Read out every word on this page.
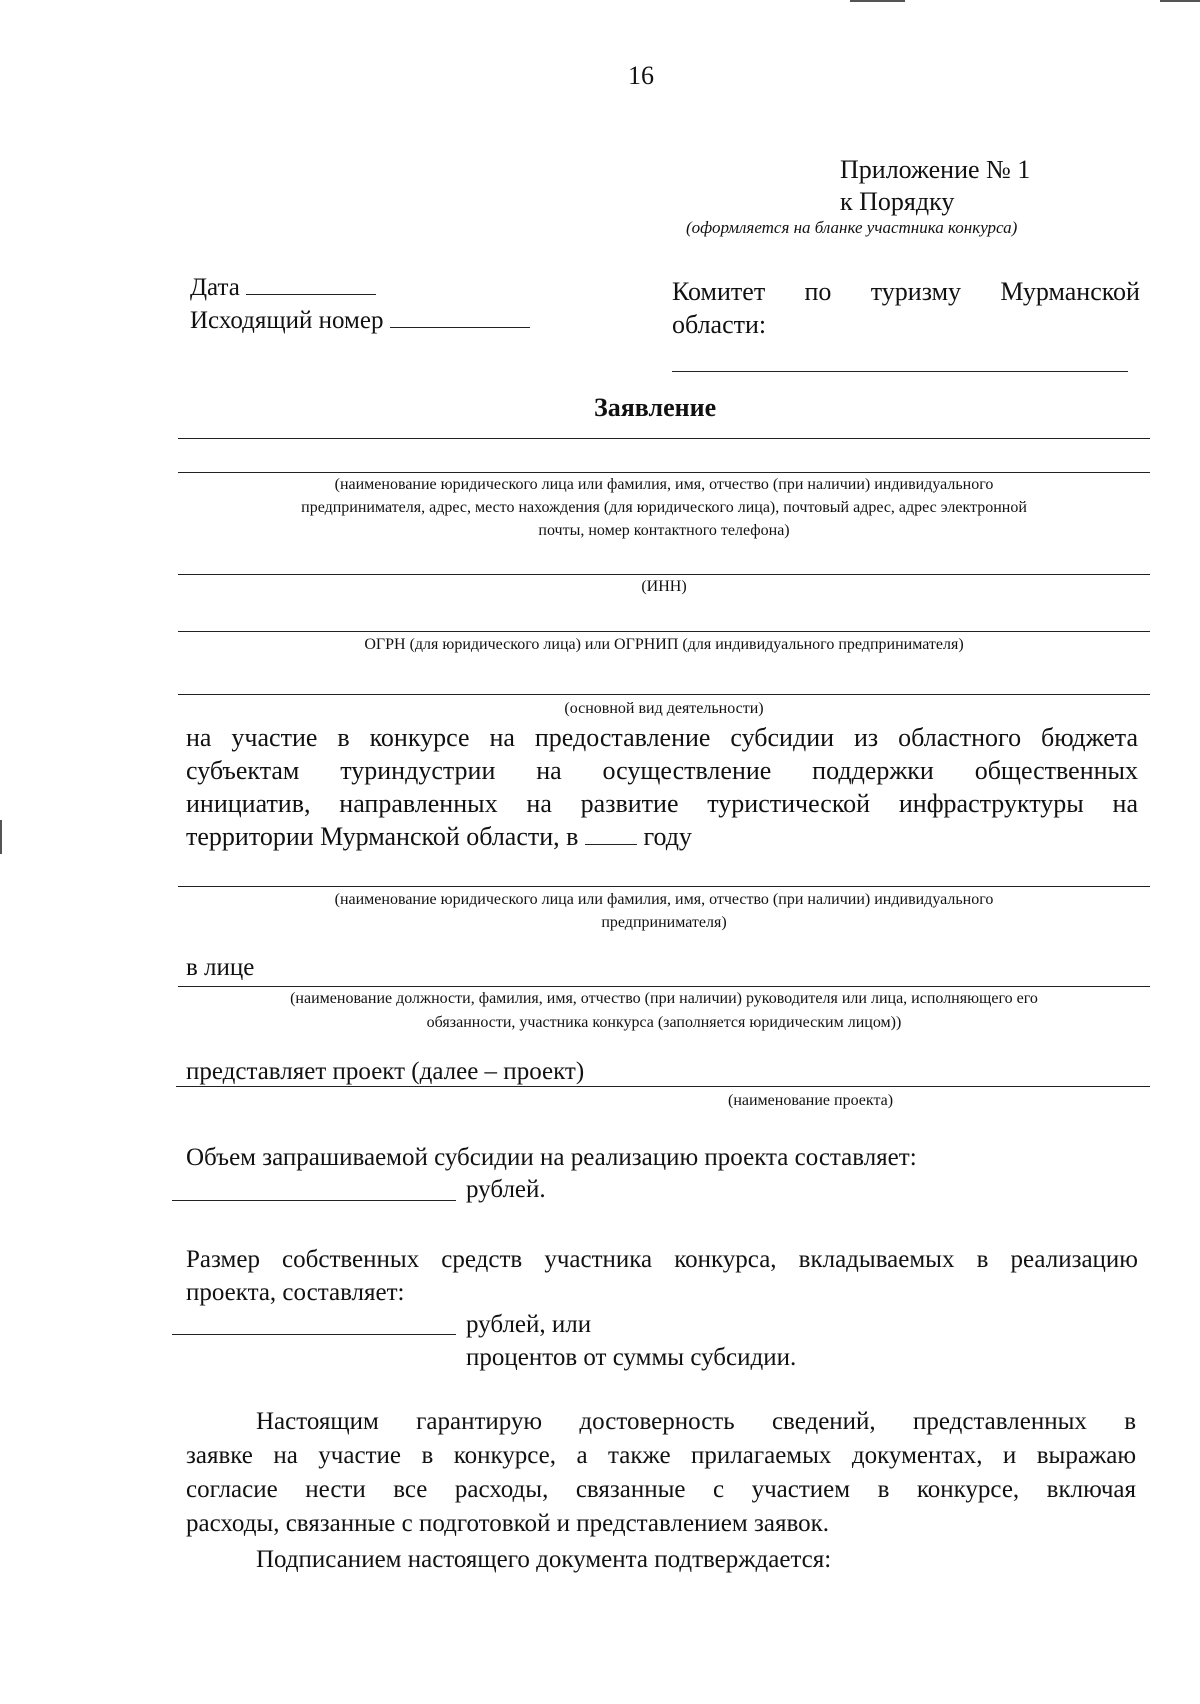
16
Приложение № 1
к Порядку
(оформляется на бланке участника конкурса)
Дата
Исходящий номер
Комитет по туризму Мурманской
области:
Заявление
(наименование юридического лица или фамилия, имя, отчество (при наличии) индивидуального
предпринимателя, адрес, место нахождения (для юридического лица), почтовый адрес, адрес электронной
почты, номер контактного телефона)
(ИНН)
ОГРН (для юридического лица) или ОГРНИП (для индивидуального предпринимателя)
(основной вид деятельности)
на участие в конкурсе на предоставление субсидии из областного бюджета
субъектам туриндустрии на осуществление поддержки общественных
инициатив, направленных на развитие туристической инфраструктуры на
территории Мурманской области, в	году
(наименование юридического лица или фамилия, имя, отчество (при наличии) индивидуального
предпринимателя)
в лице
(наименование должности, фамилия, имя, отчество (при наличии) руководителя или лица, исполняющего его
обязанности, участника конкурса (заполняется юридическим лицом))
представляет проект (далее – проект)
(наименование проекта)
Объем запрашиваемой субсидии на реализацию проекта составляет:
рублей.
Размер собственных средств участника конкурса, вкладываемых в реализацию
проекта, составляет:
рублей, или
процентов от суммы субсидии.
Настоящим гарантирую достоверность сведений, представленных в
заявке на участие в конкурсе, а также прилагаемых документах, и выражаю
согласие нести все расходы, связанные с участием в конкурсе, включая
расходы, связанные с подготовкой и представлением заявок.
Подписанием настоящего документа подтверждается:
